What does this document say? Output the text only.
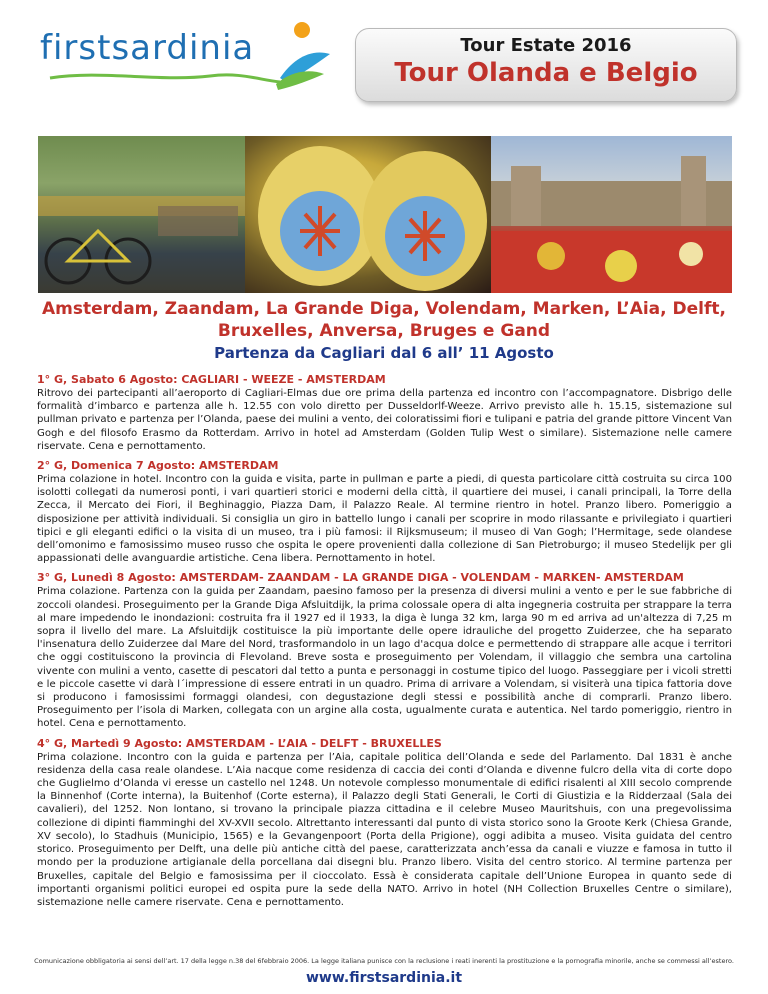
firstsardinia	Tour Estate 2016
Tour Olanda e Belgio
Amsterdam, Zaandam, La Grande Diga, Volendam, Marken, L’Aia, Delft,
Bruxelles, Anversa, Bruges e Gand
Partenza da Cagliari dal 6 all’ 11 Agosto
1° G, Sabato 6 Agosto: CAGLIARI - WEEZE - AMSTERDAM
Ritrovo dei partecipanti all’aeroporto di Cagliari-Elmas due ore prima della partenza ed incontro con l’accompagnatore. Disbrigo delle formalità d’imbarco e partenza alle h. 12.55 con volo diretto per Dusseldorlf-Weeze. Arrivo previsto alle h. 15.15, sistemazione sul pullman privato e partenza per l’Olanda, paese dei mulini a vento, dei coloratissimi fiori e tulipani e patria del grande pittore Vincent Van Gogh e del filosofo Erasmo da Rotterdam. Arrivo in hotel ad Amsterdam (Golden Tulip West o similare). Sistemazione nelle camere riservate. Cena e pernottamento.
2° G, Domenica 7 Agosto: AMSTERDAM
Prima colazione in hotel. Incontro con la guida e visita, parte in pullman e parte a piedi, di questa particolare città costruita su circa 100 isolotti collegati da numerosi ponti, i vari quartieri storici e moderni della città, il quartiere dei musei, i canali principali, la Torre della Zecca, il Mercato dei Fiori, il Beghinaggio, Piazza Dam, il Palazzo Reale. Al termine rientro in hotel. Pranzo libero. Pomeriggio a disposizione per attività individuali. Si consiglia un giro in battello lungo i canali per scoprire in modo rilassante e privilegiato i quartieri tipici e gli eleganti edifici o la visita di un museo, tra i più famosi: il Rijksmuseum; il museo di Van Gogh; l’Hermitage, sede olandese dell’omonimo e famosissimo museo russo che ospita le opere provenienti dalla collezione di San Pietroburgo; il museo Stedelijk per gli appassionati delle avanguardie artistiche. Cena libera. Pernottamento in hotel.
3° G, Lunedì 8 Agosto: AMSTERDAM- ZAANDAM - LA GRANDE DIGA - VOLENDAM - MARKEN- AMSTERDAM
Prima colazione. Partenza con la guida per Zaandam, paesino famoso per la presenza di diversi mulini a vento e per le sue fabbriche di zoccoli olandesi. Proseguimento per la Grande Diga Afsluitdijk, la prima colossale opera di alta ingegneria costruita per strappare la terra al mare impedendo le inondazioni: costruita fra il 1927 ed il 1933, la diga è lunga 32 km, larga 90 m ed arriva ad un'altezza di 7,25 m sopra il livello del mare. La Afsluitdijk costituisce la più importante delle opere idrauliche del progetto Zuiderzee, che ha separato l'insenatura dello Zuiderzee dal Mare del Nord, trasformandolo in un lago d'acqua dolce e permettendo di strappare alle acque i territori che oggi costituiscono la provincia di Flevoland. Breve sosta e proseguimento per Volendam, il villaggio che sembra una cartolina vivente con mulini a vento, casette di pescatori dal tetto a punta e personaggi in costume tipico del luogo. Passeggiare per i vicoli stretti e le piccole casette vi darà l´impressione di essere entrati in un quadro. Prima di arrivare a Volendam, si visiterà una tipica fattoria dove si producono i famosissimi formaggi olandesi, con degustazione degli stessi e possibilità anche di comprarli. Pranzo libero. Proseguimento per l’isola di Marken, collegata con un argine alla costa, ugualmente curata e autentica. Nel tardo pomeriggio, rientro in hotel. Cena e pernottamento.
4° G, Martedì 9 Agosto: AMSTERDAM - L’AIA - DELFT - BRUXELLES
Prima colazione. Incontro con la guida e partenza per l’Aia, capitale politica dell’Olanda e sede del Parlamento. Dal 1831 è anche residenza della casa reale olandese. L’Aia nacque come residenza di caccia dei conti d’Olanda e divenne fulcro della vita di corte dopo che Guglielmo d’Olanda vi eresse un castello nel 1248. Un notevole complesso monumentale di edifici risalenti al XIII secolo comprende la Binnenhof (Corte interna), la Buitenhof (Corte esterna), il Palazzo degli Stati Generali, le Corti di Giustizia e la Ridderzaal (Sala dei cavalieri), del 1252. Non lontano, si trovano la principale piazza cittadina e il celebre Museo Mauritshuis, con una pregevolissima collezione di dipinti fiamminghi del XV-XVII secolo. Altrettanto interessanti dal punto di vista storico sono la Groote Kerk (Chiesa Grande, XV secolo), lo Stadhuis (Municipio, 1565) e la Gevangenpoort (Porta della Prigione), oggi adibita a museo. Visita guidata del centro storico. Proseguimento per Delft, una delle più antiche città del paese, caratterizzata anch’essa da canali e viuzze e famosa in tutto il mondo per la produzione artigianale della porcellana dai disegni blu. Pranzo libero. Visita del centro storico. Al termine partenza per Bruxelles, capitale del Belgio e famosissima per il cioccolato. Essà è considerata capitale dell’Unione Europea in quanto sede di importanti organismi politici europei ed ospita pure la sede della NATO. Arrivo in hotel (NH Collection Bruxelles Centre o similare), sistemazione nelle camere riservate. Cena e pernottamento.
Comunicazione obbligatoria ai sensi dell’art. 17 della legge n.38 del 6febbraio 2006. La legge italiana punisce con la reclusione i reati inerenti la prostituzione e la pornografia minorile, anche se commessi all’estero.
www.firstsardinia.it
